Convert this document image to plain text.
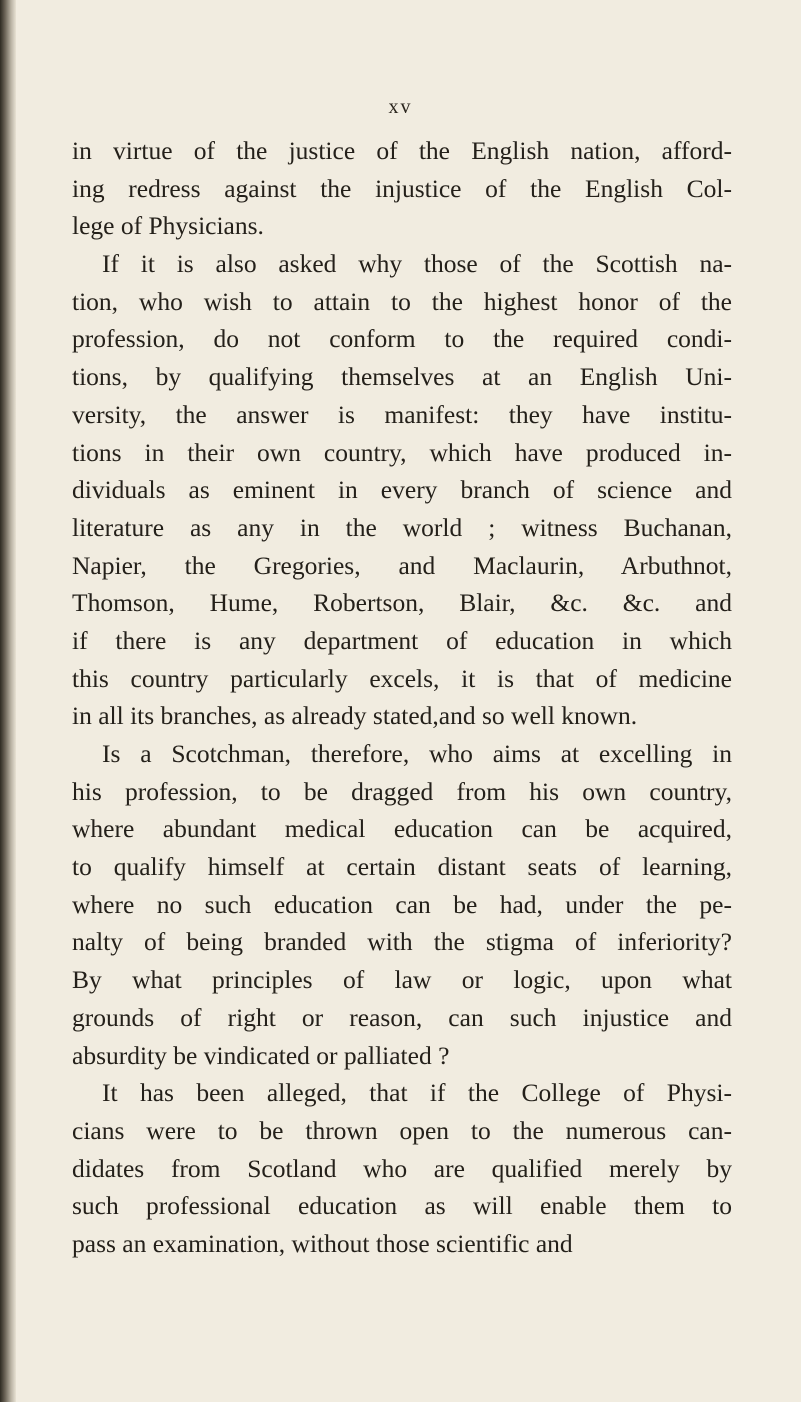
xv
in virtue of the justice of the English nation, afford-
ing redress against the injustice of the English Col-
lege of Physicians.
If it is also asked why those of the Scottish na-
tion, who wish to attain to the highest honor of the
profession, do not conform to the required condi-
tions, by qualifying themselves at an English Uni-
versity, the answer is manifest: they have institu-
tions in their own country, which have produced in-
dividuals as eminent in every branch of science and
literature as any in the world ; witness Buchanan,
Napier, the Gregories, and Maclaurin, Arbuthnot,
Thomson, Hume, Robertson, Blair, &c. &c. and
if there is any department of education in which
this country particularly excels, it is that of medicine
in all its branches, as already stated,and so well known.
Is a Scotchman, therefore, who aims at excelling in
his profession, to be dragged from his own country,
where abundant medical education can be acquired,
to qualify himself at certain distant seats of learning,
where no such education can be had, under the pe-
nalty of being branded with the stigma of inferiority?
By what principles of law or logic, upon what
grounds of right or reason, can such injustice and
absurdity be vindicated or palliated ?
It has been alleged, that if the College of Physi-
cians were to be thrown open to the numerous can-
didates from Scotland who are qualified merely by
such professional education as will enable them to
pass an examination, without those scientific and
